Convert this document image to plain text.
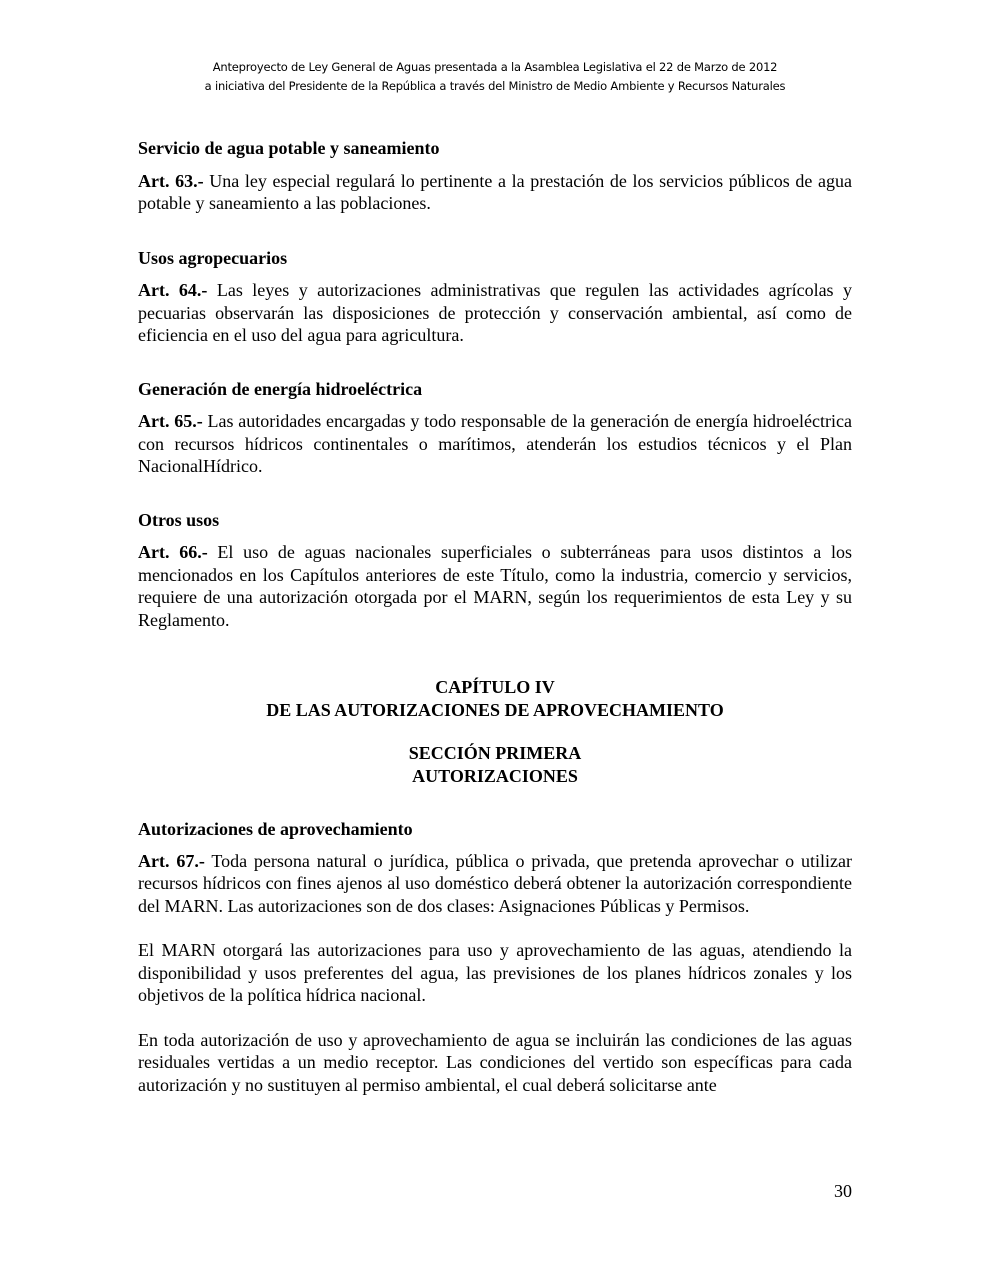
Anteproyecto de Ley General de Aguas presentada a la Asamblea Legislativa el 22 de Marzo de 2012
a iniciativa del Presidente de la República a través del Ministro de Medio Ambiente y Recursos Naturales

Servicio de agua potable y saneamiento

Art. 63.- Una ley especial regulará lo pertinente a la prestación de los servicios públicos de agua potable y saneamiento a las poblaciones.

Usos agropecuarios

Art. 64.- Las leyes y autorizaciones administrativas que regulen las actividades agrícolas y pecuarias observarán las disposiciones de protección y conservación ambiental, así como de eficiencia en el uso del agua para agricultura.

Generación de energía hidroeléctrica

Art. 65.- Las autoridades encargadas y todo responsable de la generación de energía hidroeléctrica con recursos hídricos continentales o marítimos, atenderán los estudios técnicos y el Plan NacionalHídrico.

Otros usos

Art. 66.- El uso de aguas nacionales superficiales o subterráneas para usos distintos a los mencionados en los Capítulos anteriores de este Título, como la industria, comercio y servicios, requiere de una autorización otorgada por el MARN, según los requerimientos de esta Ley y su Reglamento.

CAPÍTULO IV

DE LAS AUTORIZACIONES DE APROVECHAMIENTO

SECCIÓN PRIMERA

AUTORIZACIONES

Autorizaciones de aprovechamiento

Art. 67.- Toda persona natural o jurídica, pública o privada, que pretenda aprovechar o utilizar recursos hídricos con fines ajenos al uso doméstico deberá obtener la autorización correspondiente del MARN. Las autorizaciones son de dos clases: Asignaciones Públicas y Permisos.

El MARN otorgará las autorizaciones para uso y aprovechamiento de las aguas, atendiendo la disponibilidad y usos preferentes del agua, las previsiones de los planes hídricos zonales y los objetivos de la política hídrica nacional.

En toda autorización de uso y aprovechamiento de agua se incluirán las condiciones de las aguas residuales vertidas a un medio receptor. Las condiciones del vertido son específicas para cada autorización y no sustituyen al permiso ambiental, el cual deberá solicitarse ante

30
